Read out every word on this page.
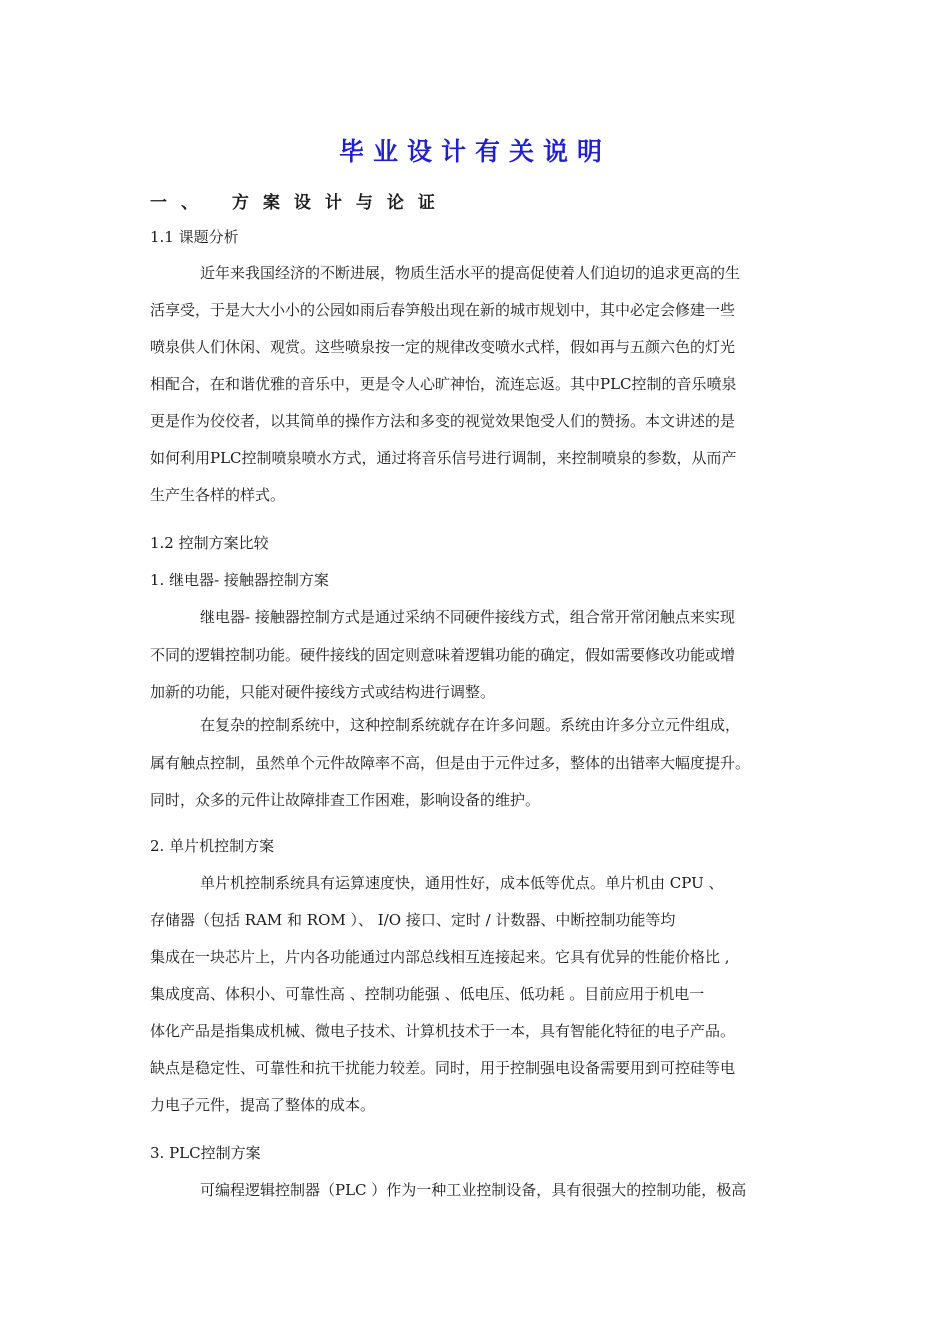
毕业设计有关说明
一、 方案设计与论证
1.1 课题分析
近年来我国经济的不断进展，物质生活水平的提高促使着人们迫切的追求更高的生
活享受，于是大大小小的公园如雨后春笋般出现在新的城市规划中，其中必定会修建一些
喷泉供人们休闲、观赏。这些喷泉按一定的规律改变喷水式样，假如再与五颜六色的灯光
相配合，在和谐优雅的音乐中，更是令人心旷神怡，流连忘返。其中PLC控制的音乐喷泉
更是作为佼佼者，以其简单的操作方法和多变的视觉效果饱受人们的赞扬。本文讲述的是
如何利用PLC控制喷泉喷水方式，通过将音乐信号进行调制，来控制喷泉的参数，从而产
生产生各样的样式。
1.2 控制方案比较
1. 继电器- 接触器控制方案
继电器- 接触器控制方式是通过采纳不同硬件接线方式，组合常开常闭触点来实现
不同的逻辑控制功能。硬件接线的固定则意味着逻辑功能的确定，假如需要修改功能或增
加新的功能，只能对硬件接线方式或结构进行调整。
在复杂的控制系统中，这种控制系统就存在许多问题。系统由许多分立元件组成，
属有触点控制，虽然单个元件故障率不高，但是由于元件过多，整体的出错率大幅度提升。
同时，众多的元件让故障排查工作困难，影响设备的维护。
2. 单片机控制方案
单片机控制系统具有运算速度快，通用性好，成本低等优点。单片机由 CPU 、
存储器（包括 RAM 和 ROM ）、 I/O 接口、定时 / 计数器、中断控制功能等均
集成在一块芯片上，片内各功能通过内部总线相互连接起来。它具有优异的性能价格比 ,
集成度高、体积小、可靠性高 、控制功能强 、低电压、低功耗 。目前应用于机电一
体化产品是指集成机械、微电子技术、计算机技术于一本，具有智能化特征的电子产品。
缺点是稳定性、可靠性和抗干扰能力较差。同时，用于控制强电设备需要用到可控硅等电
力电子元件，提高了整体的成本。
3. PLC控制方案
可编程逻辑控制器（PLC ）作为一种工业控制设备，具有很强大的控制功能，极高
